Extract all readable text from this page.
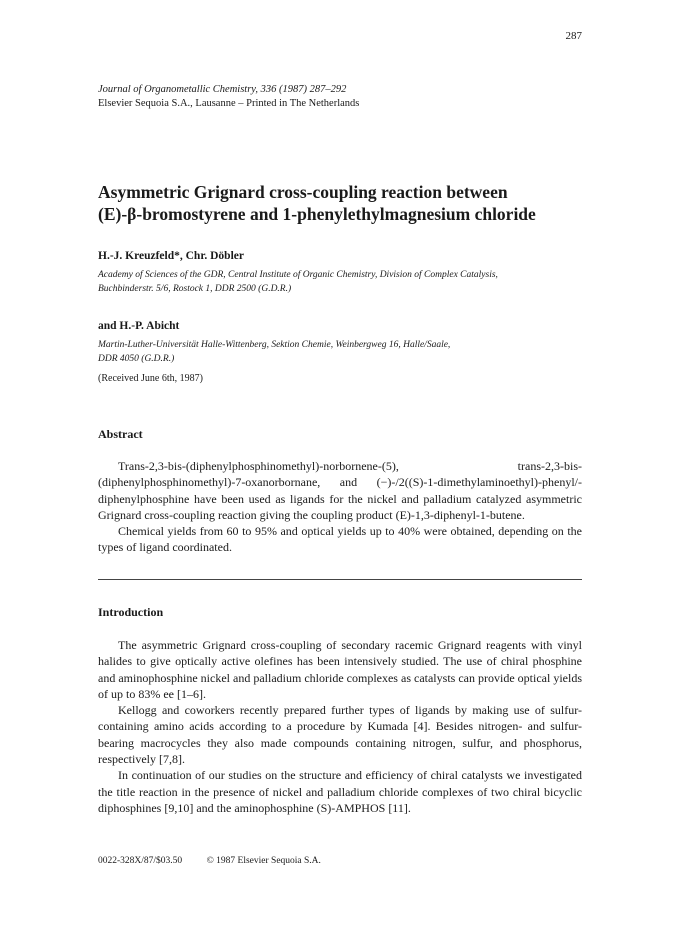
287
Journal of Organometallic Chemistry, 336 (1987) 287–292
Elsevier Sequoia S.A., Lausanne – Printed in The Netherlands
Asymmetric Grignard cross-coupling reaction between
(E)-β-bromostyrene and 1-phenylethylmagnesium chloride
H.-J. Kreuzfeld*, Chr. Döbler
Academy of Sciences of the GDR, Central Institute of Organic Chemistry, Division of Complex Catalysis,
Buchbinderstr. 5/6, Rostock 1, DDR 2500 (G.D.R.)
and H.-P. Abicht
Martin-Luther-Universität Halle-Wittenberg, Sektion Chemie, Weinbergweg 16, Halle/Saale,
DDR 4050 (G.D.R.)
(Received June 6th, 1987)
Abstract

Trans-2,3-bis-(diphenylphosphinomethyl)-norbornene-(5), trans-2,3-bis-(diphenylphosphinomethyl)-7-oxanorbornane, and (−)-/2((S)-1-dimethylaminoethyl)-phenyl/-diphenylphosphine have been used as ligands for the nickel and palladium catalyzed asymmetric Grignard cross-coupling reaction giving the coupling product (E)-1,3-diphenyl-1-butene.

Chemical yields from 60 to 95% and optical yields up to 40% were obtained, depending on the types of ligand coordinated.

Introduction

The asymmetric Grignard cross-coupling of secondary racemic Grignard reagents with vinyl halides to give optically active olefines has been intensively studied. The use of chiral phosphine and aminophosphine nickel and palladium chloride complexes as catalysts can provide optical yields of up to 83% ee [1–6].

Kellogg and coworkers recently prepared further types of ligands by making use of sulfur-containing amino acids according to a procedure by Kumada [4]. Besides nitrogen- and sulfur-bearing macrocycles they also made compounds containing nitrogen, sulfur, and phosphorus, respectively [7,8].

In continuation of our studies on the structure and efficiency of chiral catalysts we investigated the title reaction in the presence of nickel and palladium chloride complexes of two chiral bicyclic diphosphines [9,10] and the aminophosphine (S)-AMPHOS [11].

0022-328X/87/$03.50	© 1987 Elsevier Sequoia S.A.
